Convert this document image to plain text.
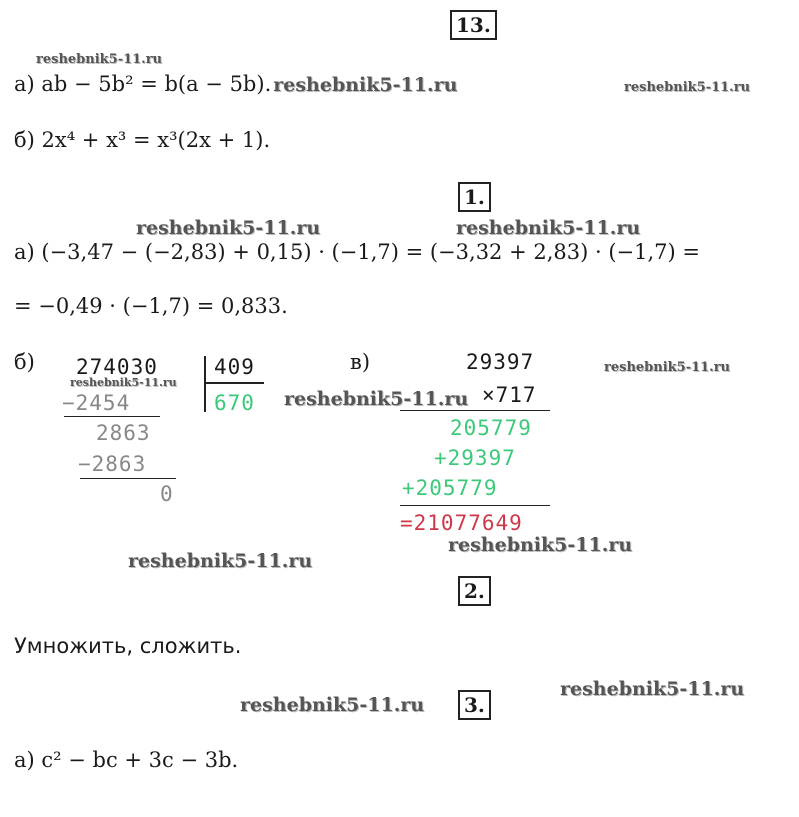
13.
reshebnik5-11.ru
а) ab − 5b² = b(a − 5b). reshebnik5-11.ru	reshebnik5-11.ru
б) 2x⁴ + x³ = x³(2x + 1).
1.
reshebnik5-11.ru	reshebnik5-11.ru
а) (−3,47 − (−2,83) + 0,15) · (−1,7) = (−3,32 + 2,83) · (−1,7) =
= −0,49 · (−1,7) = 0,833.
б) 274030	409
670
reshebnik5-11.ru
−2454
2863
−2863
0
в)	29397	reshebnik5-11.ru
reshebnik5-11.ru ×717
205779
+29397
+205779
=21077649
reshebnik5-11.ru
reshebnik5-11.ru
2.
Умножить, сложить.
reshebnik5-11.ru
reshebnik5-11.ru	3.
а) c² − bc + 3c − 3b.
